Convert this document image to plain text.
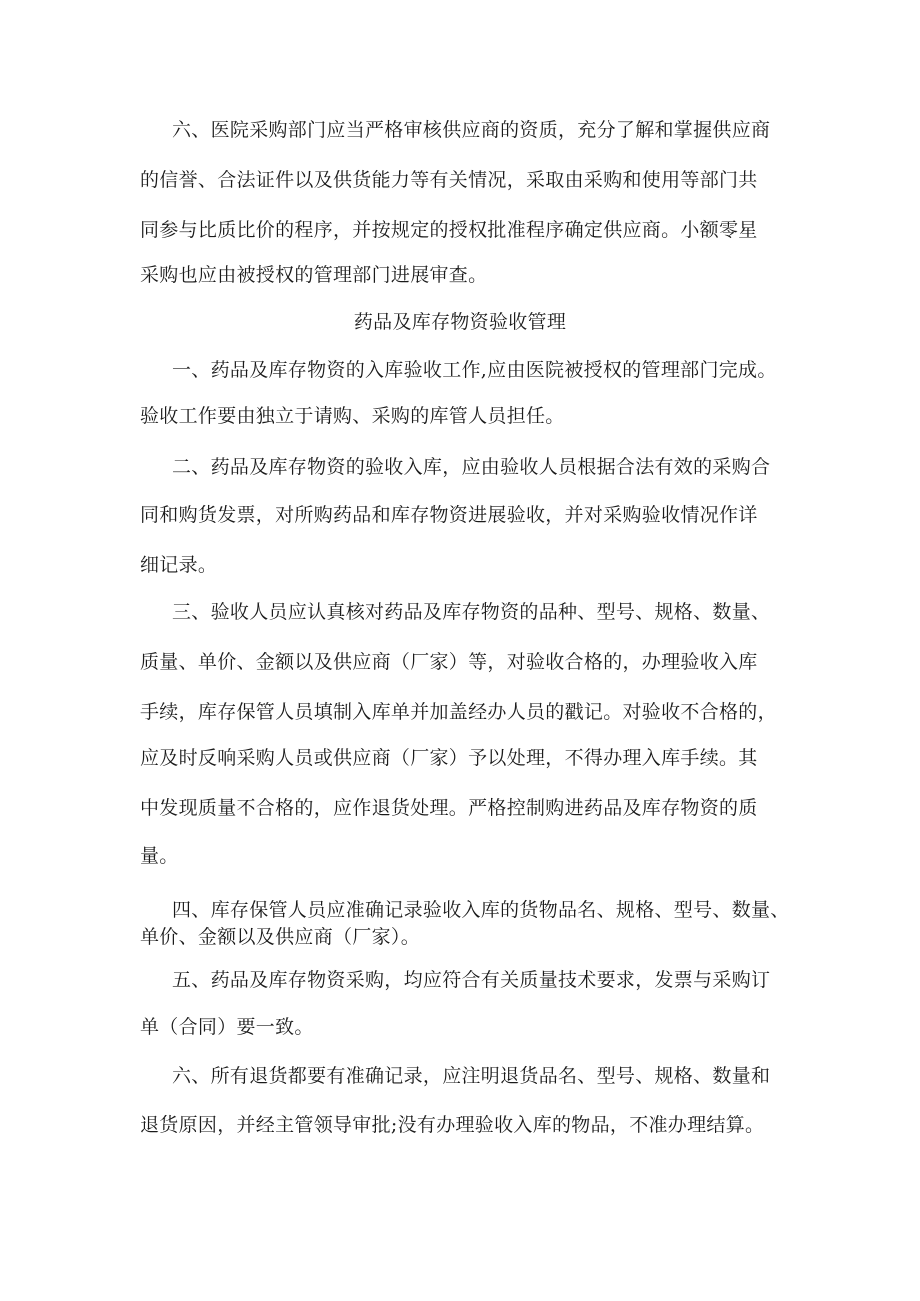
六、医院采购部门应当严格审核供应商的资质，充分了解和掌握供应商
的信誉、合法证件以及供货能力等有关情况，采取由采购和使用等部门共
同参与比质比价的程序，并按规定的授权批准程序确定供应商。小额零星
采购也应由被授权的管理部门进展审查。
药品及库存物资验收管理
一、药品及库存物资的入库验收工作,应由医院被授权的管理部门完成。
验收工作要由独立于请购、采购的库管人员担任。
二、药品及库存物资的验收入库，应由验收人员根据合法有效的采购合
同和购货发票，对所购药品和库存物资进展验收，并对采购验收情况作详
细记录。
三、验收人员应认真核对药品及库存物资的品种、型号、规格、数量、
质量、单价、金额以及供应商（厂家）等，对验收合格的，办理验收入库
手续，库存保管人员填制入库单并加盖经办人员的戳记。对验收不合格的，
应及时反响采购人员或供应商（厂家）予以处理，不得办理入库手续。其
中发现质量不合格的，应作退货处理。严格控制购进药品及库存物资的质
量。
四、库存保管人员应准确记录验收入库的货物品名、规格、型号、数量、
单价、金额以及供应商（厂家）。
五、药品及库存物资采购，均应符合有关质量技术要求，发票与采购订
单（合同）要一致。
六、所有退货都要有准确记录，应注明退货品名、型号、规格、数量和
退货原因，并经主管领导审批;没有办理验收入库的物品，不准办理结算。
